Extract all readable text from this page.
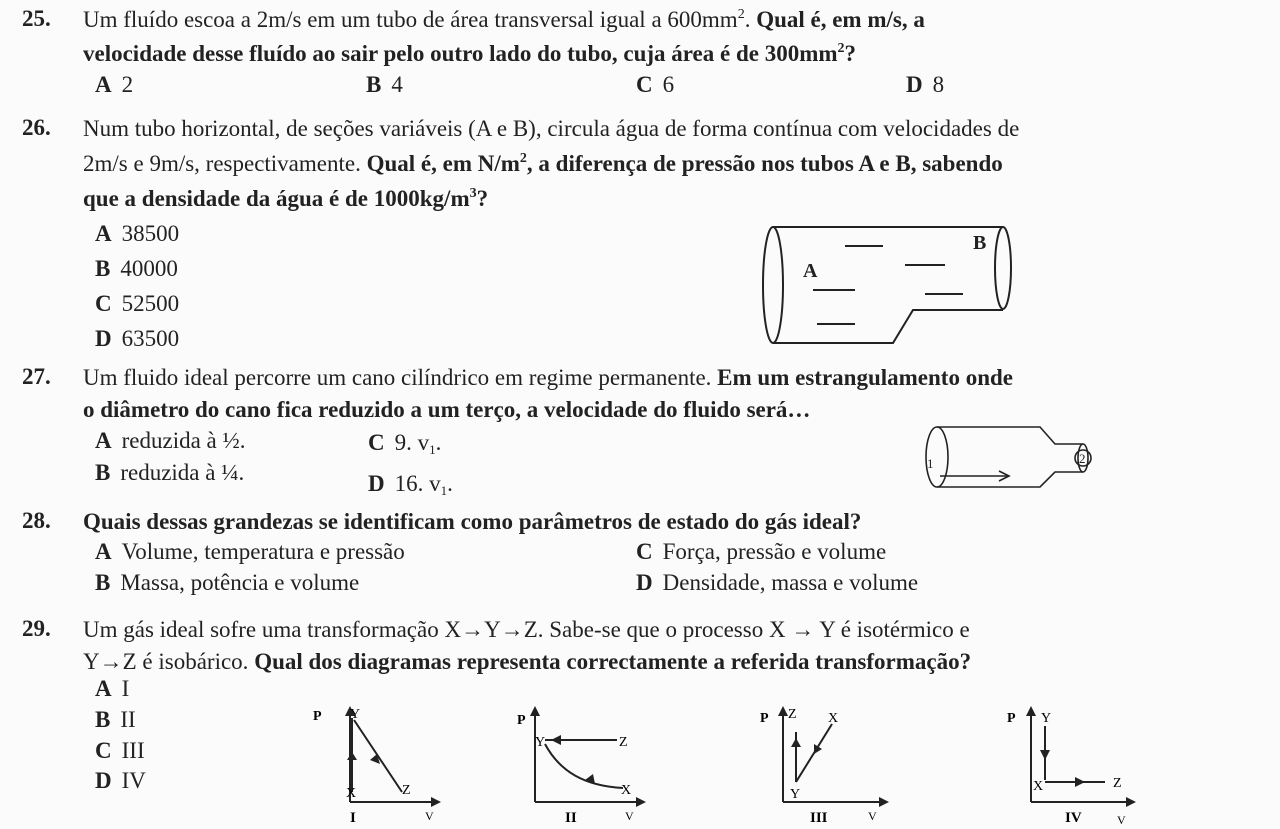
25. Um fluído escoa a 2m/s em um tubo de área transversal igual a $600mm^2$. Qual é, em m/s, a
velocidade desse fluído ao sair pelo outro lado do tubo, cuja área é de $300mm^2$?
A 2	B 4	C 6	D 8
26. Num tubo horizontal, de seções variáveis (A e B), circula água de forma contínua com velocidades de
2m/s e 9m/s, respectivamente. Qual é, em $N/m^2$, a diferença de pressão nos tubos A e B, sabendo
que a densidade da água é de $1000kg/m^3$?
A 38500
B 40000
C 52500
D 63500
A
B
27. Um fluido ideal percorre um cano cilíndrico em regime permanente. Em um estrangulamento onde
o diâmetro do cano fica reduzido a um terço, a velocidade do fluido será…
A reduzida à ½.
B reduzida à ¼.
C 9. $v_1$.
D 16. $v_1$.
1	2
28. Quais dessas grandezas se identificam como parâmetros de estado do gás ideal?
A Volume, temperatura e pressão
B Massa, potência e volume
C Força, pressão e volume
D Densidade, massa e volume
29. Um gás ideal sofre uma transformação X→Y→Z. Sabe-se que o processo X → Y é isotérmico e
Y→Z é isobárico. Qual dos diagramas representa correctamente a referida transformação?
A I
B II
C III
D IV
P Y
X	Z
I	V
P
Y	Z
X
II	V
P Z X
Y
III	V
P Y
X	Z
IV	V
